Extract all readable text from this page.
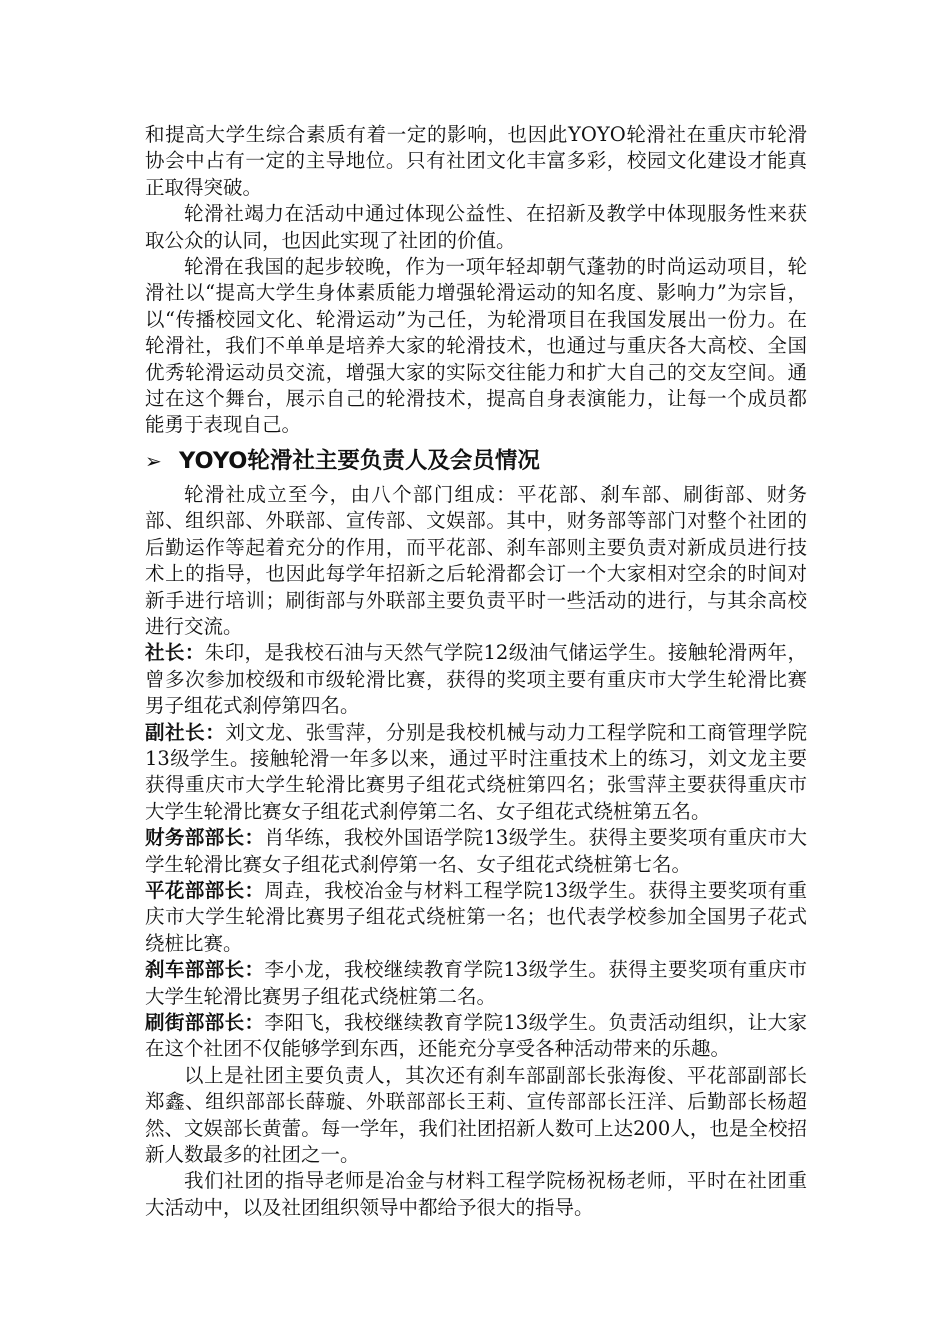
和提高大学生综合素质有着一定的影响，也因此YOYO轮滑社在重庆市轮滑协会中占有一定的主导地位。只有社团文化丰富多彩，校园文化建设才能真正取得突破。

轮滑社竭力在活动中通过体现公益性、在招新及教学中体现服务性来获取公众的认同，也因此实现了社团的价值。

轮滑在我国的起步较晚，作为一项年轻却朝气蓬勃的时尚运动项目，轮滑社以“提高大学生身体素质能力增强轮滑运动的知名度、影响力”为宗旨，以“传播校园文化、轮滑运动”为己任，为轮滑项目在我国发展出一份力。在轮滑社，我们不单单是培养大家的轮滑技术，也通过与重庆各大高校、全国优秀轮滑运动员交流，增强大家的实际交往能力和扩大自己的交友空间。通过在这个舞台，展示自己的轮滑技术，提高自身表演能力，让每一个成员都能勇于表现自己。

➢ YOYO轮滑社主要负责人及会员情况

轮滑社成立至今，由八个部门组成：平花部、刹车部、刷街部、财务部、组织部、外联部、宣传部、文娱部。其中，财务部等部门对整个社团的后勤运作等起着充分的作用，而平花部、刹车部则主要负责对新成员进行技术上的指导，也因此每学年招新之后轮滑都会订一个大家相对空余的时间对新手进行培训；刷街部与外联部主要负责平时一些活动的进行，与其余高校进行交流。

社长：朱印，是我校石油与天然气学院12级油气储运学生。接触轮滑两年，曾多次参加校级和市级轮滑比赛，获得的奖项主要有重庆市大学生轮滑比赛男子组花式刹停第四名。

副社长：刘文龙、张雪萍，分别是我校机械与动力工程学院和工商管理学院13级学生。接触轮滑一年多以来，通过平时注重技术上的练习，刘文龙主要获得重庆市大学生轮滑比赛男子组花式绕桩第四名；张雪萍主要获得重庆市大学生轮滑比赛女子组花式刹停第二名、女子组花式绕桩第五名。

财务部部长：肖华练，我校外国语学院13级学生。获得主要奖项有重庆市大学生轮滑比赛女子组花式刹停第一名、女子组花式绕桩第七名。

平花部部长：周垚，我校冶金与材料工程学院13级学生。获得主要奖项有重庆市大学生轮滑比赛男子组花式绕桩第一名；也代表学校参加全国男子花式绕桩比赛。

刹车部部长：李小龙，我校继续教育学院13级学生。获得主要奖项有重庆市大学生轮滑比赛男子组花式绕桩第二名。

刷街部部长：李阳飞，我校继续教育学院13级学生。负责活动组织，让大家在这个社团不仅能够学到东西，还能充分享受各种活动带来的乐趣。

以上是社团主要负责人，其次还有刹车部副部长张海俊、平花部副部长郑鑫、组织部部长薛璇、外联部部长王莉、宣传部部长汪洋、后勤部长杨超然、文娱部长黄蕾。每一学年，我们社团招新人数可上达200人，也是全校招新人数最多的社团之一。

我们社团的指导老师是冶金与材料工程学院杨祝杨老师，平时在社团重大活动中，以及社团组织领导中都给予很大的指导。
